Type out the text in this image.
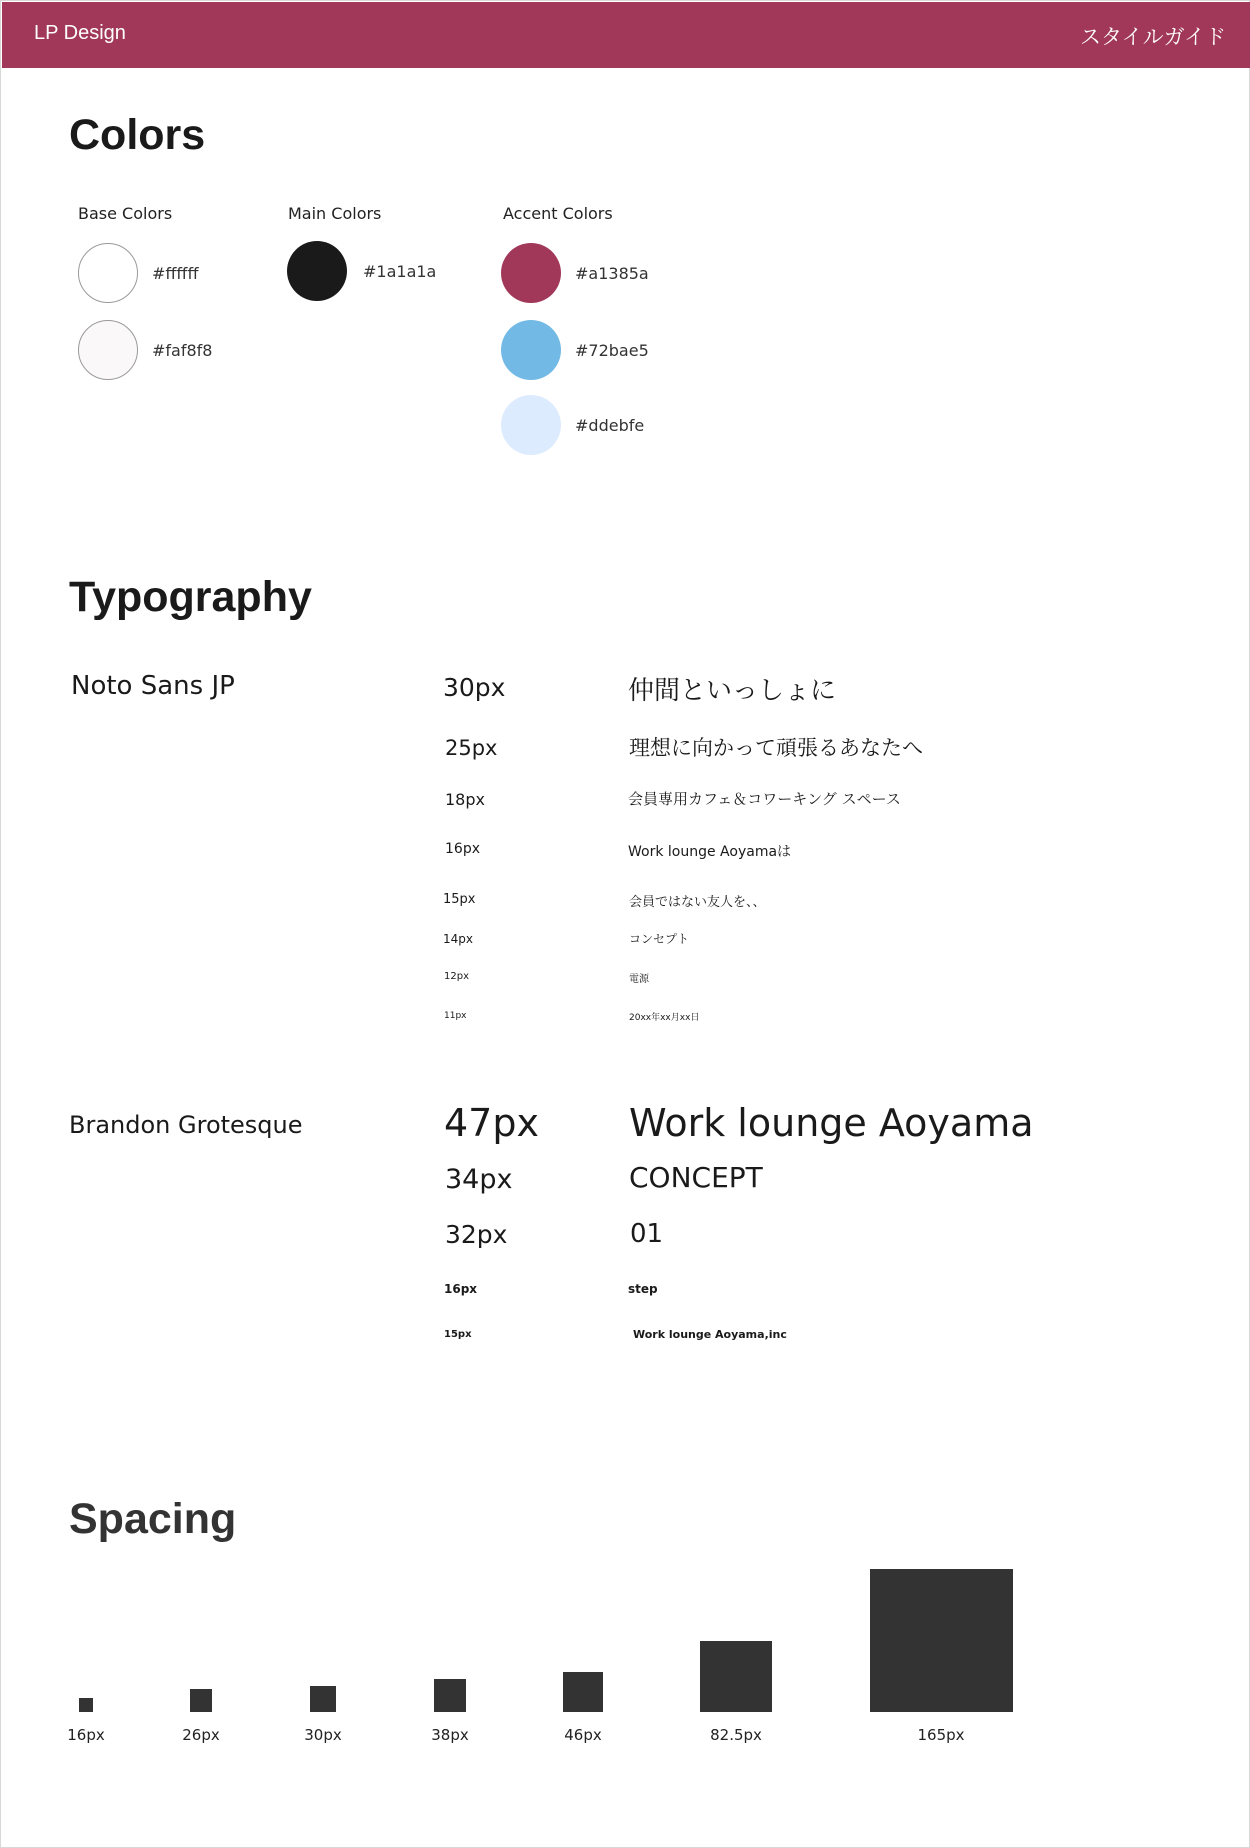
LP Design	スタイルガイド
Colors
Base Colors	Main Colors	Accent Colors
#ffffff
#faf8f8
#1a1a1a	#a1385a
#72bae5
#ddebfe
Typography
Noto Sans JP	30px	仲間といっしょに
25px	理想に向かって頑張るあなたへ
18px	会員専用カフェ＆コワーキング スペース
16px	Work lounge Aoyamaは
15px	会員ではない友人を、、
14px	コンセプト
12px	電源
11px	20xx年xx月xx日
Brandon Grotesque	47px Work lounge Aoyama
34px	CONCEPT
32px	01
16px	step
15px	Work lounge Aoyama,inc
Spacing
16px	26px	30px	38px	46px	82.5px	165px
